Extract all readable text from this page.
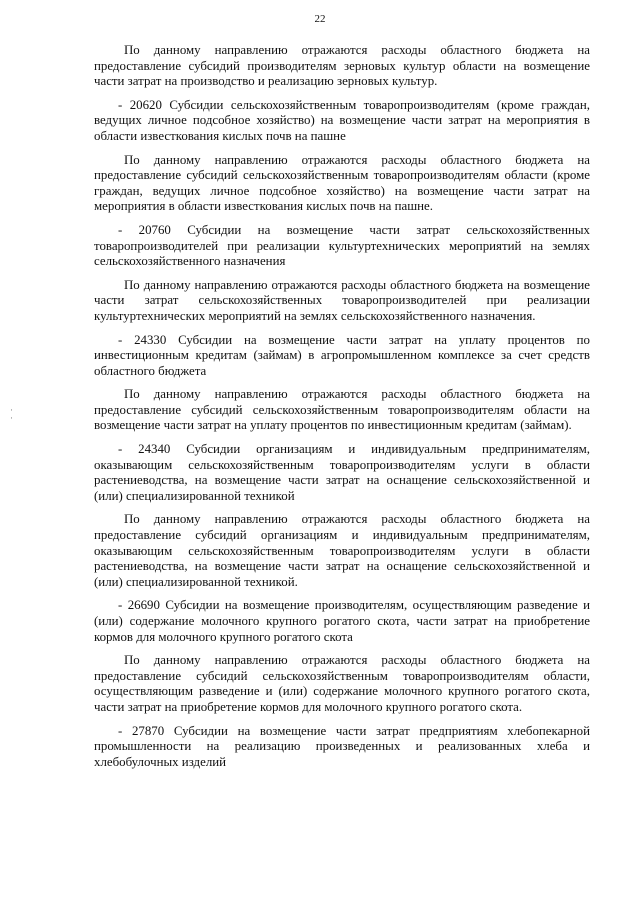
22
·
·

По данному направлению отражаются расходы областного бюджета на предоставление субсидий производителям зерновых культур области на возмещение части затрат на производство и реализацию зерновых культур.

- 20620 Субсидии сельскохозяйственным товаропроизводителям (кроме граждан, ведущих личное подсобное хозяйство) на возмещение части затрат на мероприятия в области известкования кислых почв на пашне

По данному направлению отражаются расходы областного бюджета на предоставление субсидий сельскохозяйственным товаропроизводителям области (кроме граждан, ведущих личное подсобное хозяйство) на возмещение части затрат на мероприятия в области известкования кислых почв на пашне.

- 20760 Субсидии на возмещение части затрат сельскохозяйственных товаропроизводителей при реализации культуртехнических мероприятий на землях сельскохозяйственного назначения

По данному направлению отражаются расходы областного бюджета на возмещение части затрат сельскохозяйственных товаропроизводителей при реализации культуртехнических мероприятий на землях сельскохозяйственного назначения.

- 24330 Субсидии на возмещение части затрат на уплату процентов по инвестиционным кредитам (займам) в агропромышленном комплексе за счет средств областного бюджета

По данному направлению отражаются расходы областного бюджета на предоставление субсидий сельскохозяйственным товаропроизводителям области на возмещение части затрат на уплату процентов по инвестиционным кредитам (займам).

- 24340 Субсидии организациям и индивидуальным предпринимателям, оказывающим сельскохозяйственным товаропроизводителям услуги в области растениеводства, на возмещение части затрат на оснащение сельскохозяйственной и (или) специализированной техникой

По данному направлению отражаются расходы областного бюджета на предоставление субсидий организациям и индивидуальным предпринимателям, оказывающим сельскохозяйственным товаропроизводителям услуги в области растениеводства, на возмещение части затрат на оснащение сельскохозяйственной и (или) специализированной техникой.

- 26690 Субсидии на возмещение производителям, осуществляющим разведение и (или) содержание молочного крупного рогатого скота, части затрат на приобретение кормов для молочного крупного рогатого скота

По данному направлению отражаются расходы областного бюджета на предоставление субсидий сельскохозяйственным товаропроизводителям области, осуществляющим разведение и (или) содержание молочного крупного рогатого скота, части затрат на приобретение кормов для молочного крупного рогатого скота.

- 27870 Субсидии на возмещение части затрат предприятиям хлебопекарной промышленности на реализацию произведенных и реализованных хлеба и хлебобулочных изделий
